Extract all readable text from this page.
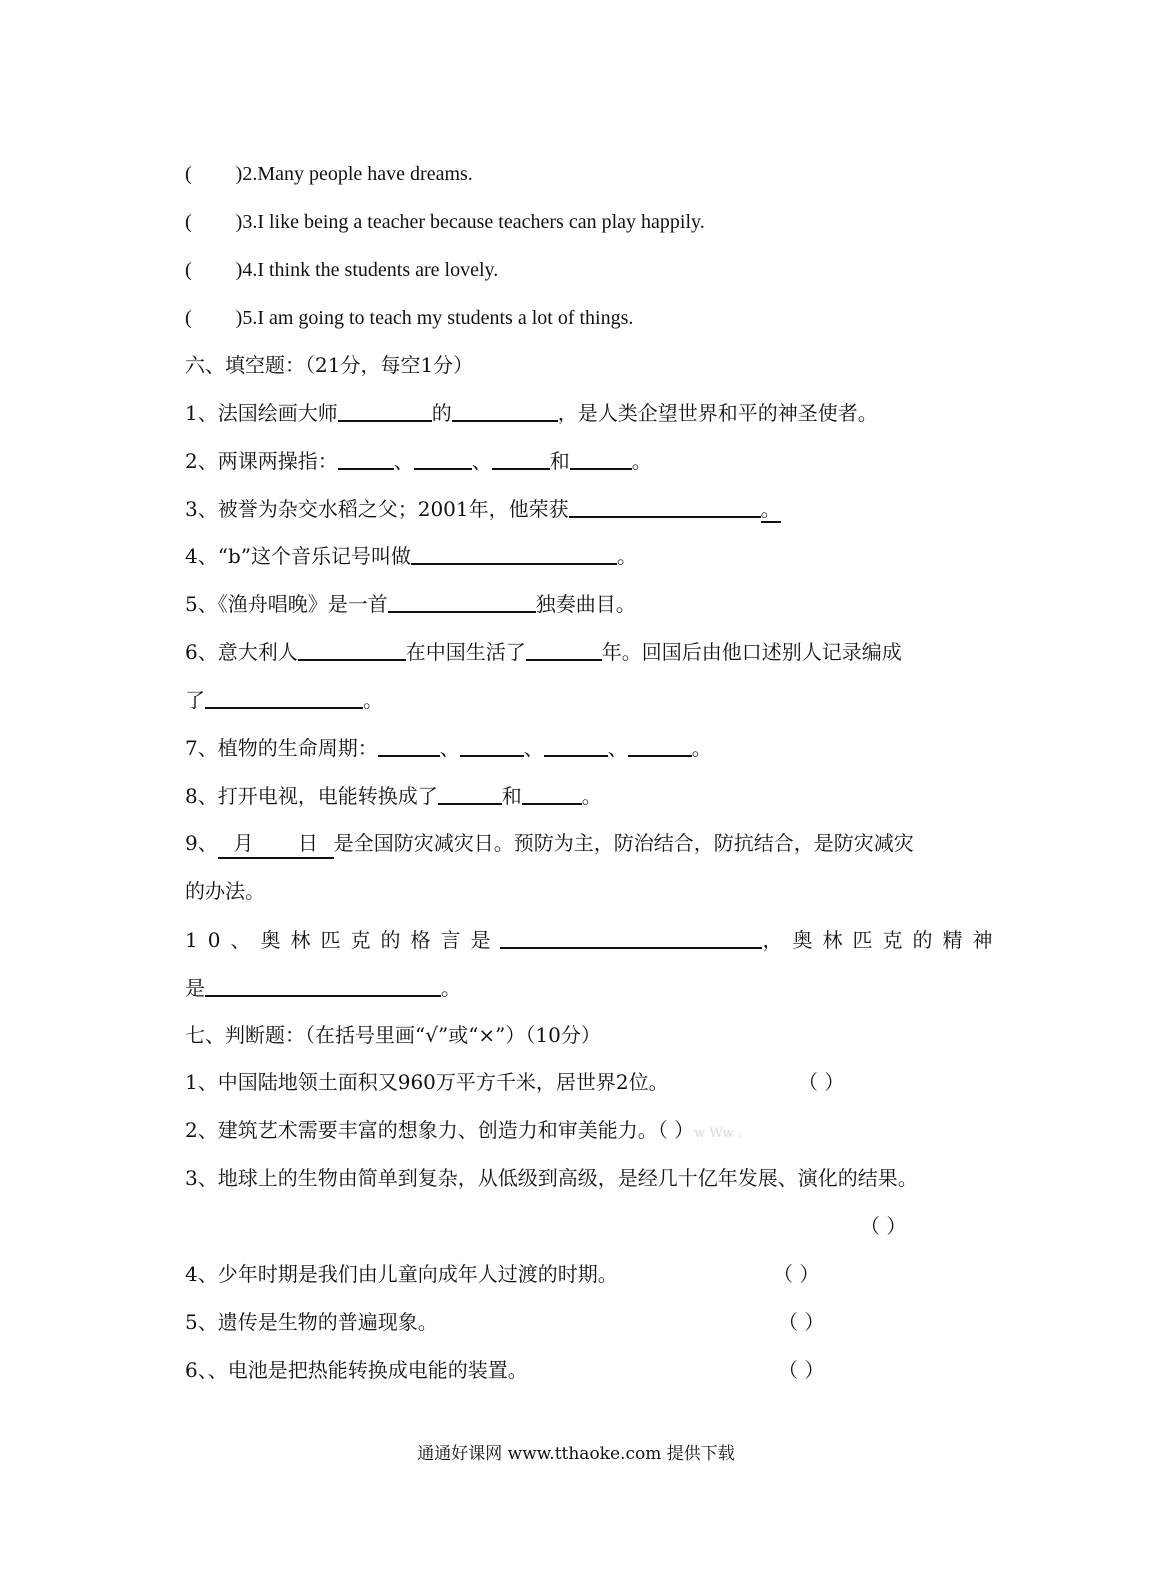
( )2.Many people have dreams.
( )3.I like being a teacher because teachers can play happily.
( )4.I think the students are lovely.
( )5.I am going to teach my students a lot of things.
六、填空题：（21分，每空1分）
1、法国绘画大师	的	，是人类企望世界和平的神圣使者。
2、两课两操指：	、	、	和	。
3、被誉为杂交水稻之父；2001年，他荣获	。
4、“b”这个音乐记号叫做	。
5、《渔舟唱晚》是一首	独奏曲目。
6、意大利人	在中国生活了	年。回国后由他口述别人记录编成
了	。
7、植物的生命周期：	、	、	、	。
8、打开电视，电能转换成了	和	。
9、 月 日 是全国防灾减灾日。预防为主，防治结合，防抗结合，是防灾减灾
的办法。
10、奥林匹克的格言是	，奥林匹克的精神
是	。
七、判断题：（在括号里画“√”或“×”）（10分）
1、中国陆地领土面积又960万平方千米，居世界2位。	（ ）
2、建筑艺术需要丰富的想象力、创造力和审美能力。（ ）w Ww .
3、地球上的生物由简单到复杂，从低级到高级，是经几十亿年发展、演化的结果。
（ ）
4、少年时期是我们由儿童向成年人过渡的时期。	（ ）
5、遗传是生物的普遍现象。	（ ）
6、、电池是把热能转换成电能的装置。	（ ）
通通好课网 www.tthaoke.com 提供下载
